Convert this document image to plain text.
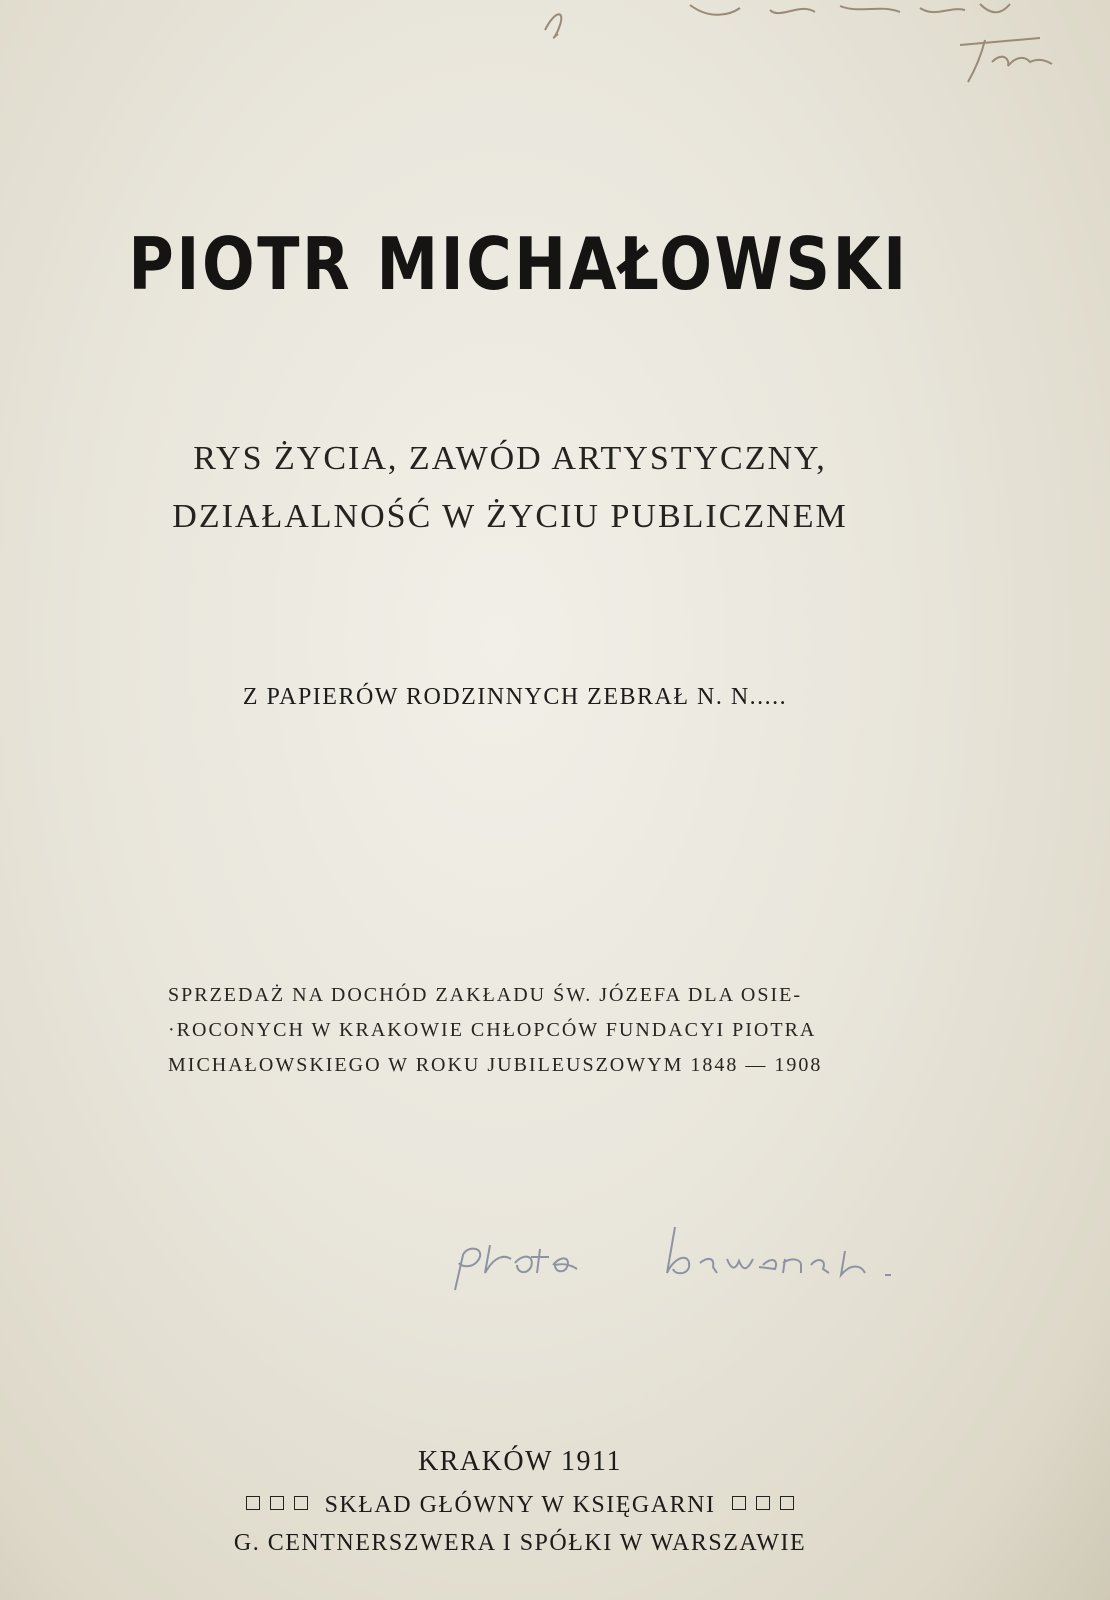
PIOTR MICHAŁOWSKI
RYS ŻYCIA, ZAWÓD ARTYSTYCZNY,
DZIAŁALNOŚĆ W ŻYCIU PUBLICZNEM
Z PAPIERÓW RODZINNYCH ZEBRAŁ N. N.....
SPRZEDAŻ NA DOCHÓD ZAKŁADU ŚW. JÓZEFA DLA OSIE-
·ROCONYCH W KRAKOWIE CHŁOPCÓW FUNDACYI PIOTRA
MICHAŁOWSKIEGO W ROKU JUBILEUSZOWYM 1848 — 1908
KRAKÓW 1911
SKŁAD GŁÓWNY W KSIĘGARNI
G. CENTNERSZWERA I SPÓŁKI W WARSZAWIE
